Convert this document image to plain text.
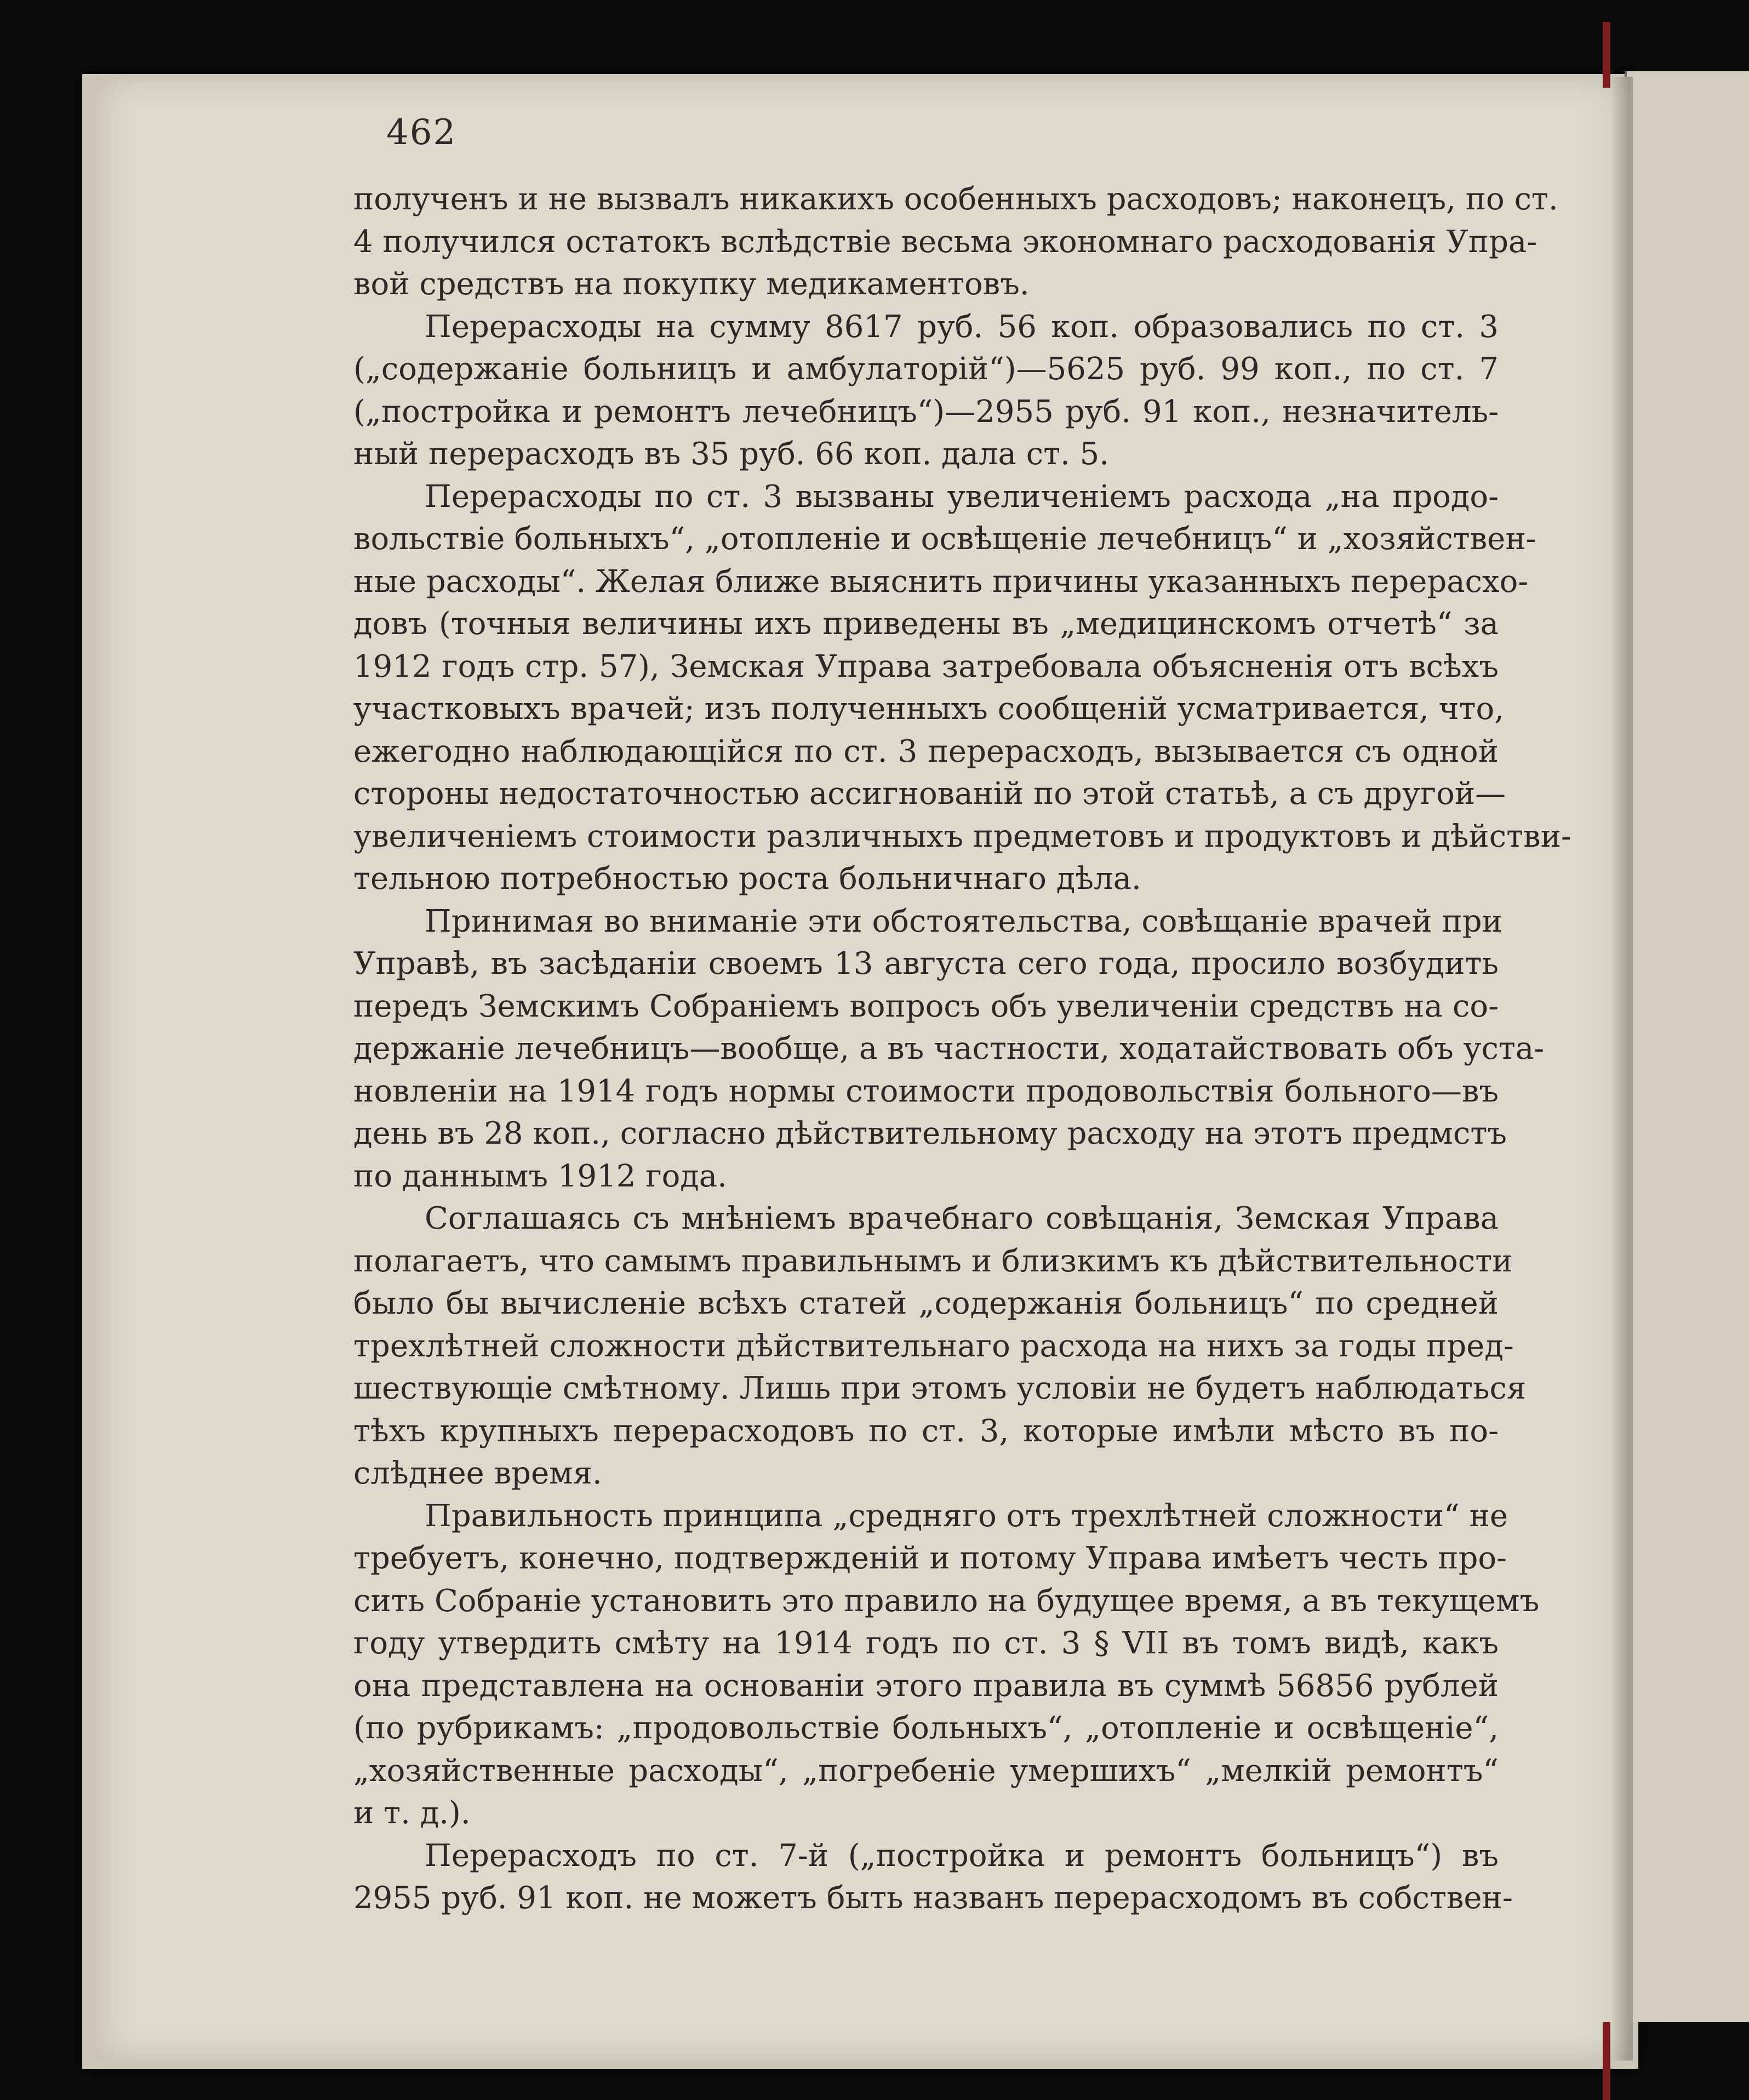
462
полученъ и не вызвалъ никакихъ особенныхъ расходовъ; наконецъ, по ст.
4 получился остатокъ вслѣдствіе весьма экономнаго расходованія Упра-
вой средствъ на покупку медикаментовъ.
Перерасходы на сумму 8617 руб. 56 коп. образовались по ст. 3
(„содержаніе больницъ и амбулаторій“)—5625 руб. 99 коп., по ст. 7
(„постройка и ремонтъ лечебницъ“)—2955 руб. 91 коп., незначитель-
ный перерасходъ въ 35 руб. 66 коп. дала ст. 5.
Перерасходы по ст. 3 вызваны увеличеніемъ расхода „на продо-
вольствіе больныхъ“, „отопленіе и освѣщеніе лечебницъ“ и „хозяйствен-
ные расходы“. Желая ближе выяснить причины указанныхъ перерасхо-
довъ (точныя величины ихъ приведены въ „медицинскомъ отчетѣ“ за
1912 годъ стр. 57), Земская Управа затребовала объясненія отъ всѣхъ
участковыхъ врачей; изъ полученныхъ сообщеній усматривается, что,
ежегодно наблюдающійся по ст. 3 перерасходъ, вызывается съ одной
стороны недостаточностью ассигнованій по этой статьѣ, а съ другой—
увеличеніемъ стоимости различныхъ предметовъ и продуктовъ и дѣйстви-
тельною потребностью роста больничнаго дѣла.
Принимая во вниманіе эти обстоятельства, совѣщаніе врачей при
Управѣ, въ засѣданіи своемъ 13 августа сего года, просило возбудить
передъ Земскимъ Собраніемъ вопросъ объ увеличеніи средствъ на со-
держаніе лечебницъ—вообще, а въ частности, ходатайствовать объ уста-
новленіи на 1914 годъ нормы стоимости продовольствія больного—въ
день въ 28 коп., согласно дѣйствительному расходу на этотъ предмстъ
по даннымъ 1912 года.
Соглашаясь съ мнѣніемъ врачебнаго совѣщанія, Земская Управа
полагаетъ, что самымъ правильнымъ и близкимъ къ дѣйствительности
было бы вычисленіе всѣхъ статей „содержанія больницъ“ по средней
трехлѣтней сложности дѣйствительнаго расхода на нихъ за годы пред-
шествующіе смѣтному. Лишь при этомъ условіи не будетъ наблюдаться
тѣхъ крупныхъ перерасходовъ по ст. 3, которые имѣли мѣсто въ по-
слѣднее время.
Правильность принципа „средняго отъ трехлѣтней сложности“ не
требуетъ, конечно, подтвержденій и потому Управа имѣетъ честь про-
сить Собраніе установить это правило на будущее время, а въ текущемъ
году утвердить смѣту на 1914 годъ по ст. 3 § VII въ томъ видѣ, какъ
она представлена на основаніи этого правила въ суммѣ 56856 рублей
(по рубрикамъ: „продовольствіе больныхъ“, „отопленіе и освѣщеніе“,
„хозяйственные расходы“, „погребеніе умершихъ“ „мелкій ремонтъ“
и т. д.).
Перерасходъ по ст. 7-й („постройка и ремонтъ больницъ“) въ
2955 руб. 91 коп. не можетъ быть названъ перерасходомъ въ собствен-
